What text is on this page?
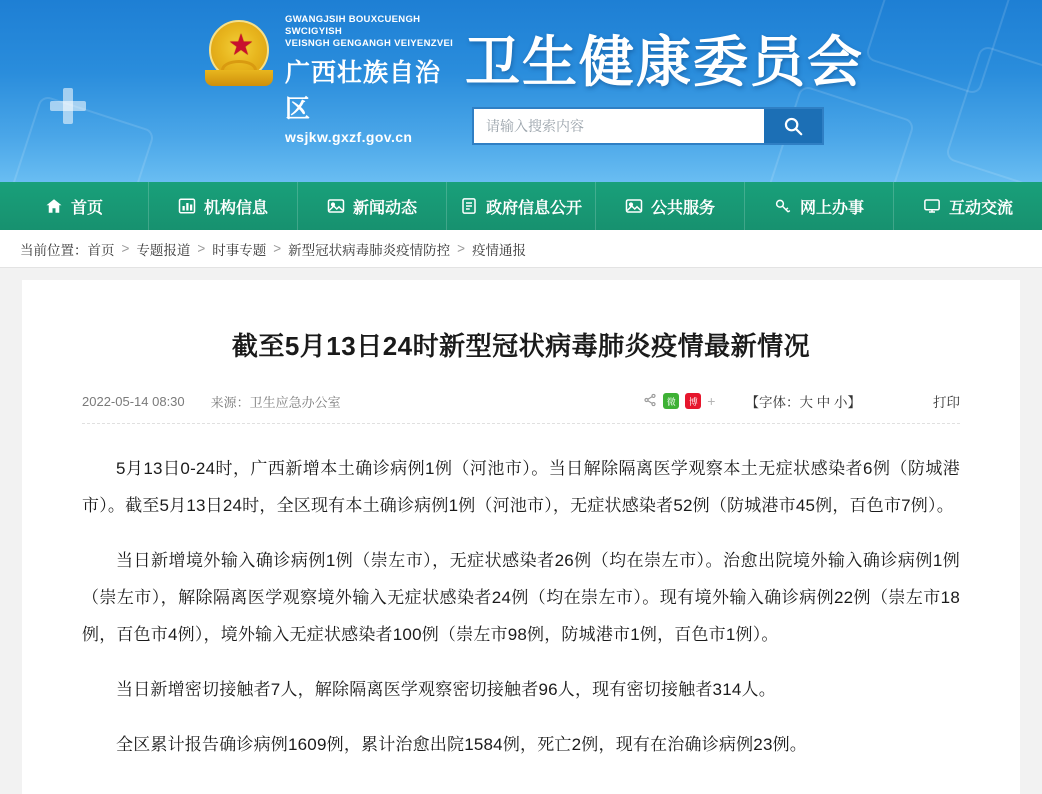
★
GWANGJSIH BOUXCUENGH SWCIGYISH
VEISNGH GENGANGH VEIYENZVEI
广西壮族自治区
wsjkw.gxzf.gov.cn
卫生健康委员会
请输入搜索内容
首页	机构信息	新闻动态	政府信息公开	公共服务	网上办事	互动交流
当前位置： 首页 > 专题报道 > 时事专题 > 新型冠状病毒肺炎疫情防控 > 疫情通报
截至5月13日24时新型冠状病毒肺炎疫情最新情况
2022-05-14 08:30 来源：卫生应急办公室	微	博 + 【字体：大 中 小】	打印

5月13日0-24时，广西新增本土确诊病例1例（河池市）。当日解除隔离医学观察本土无症状感染者6例（防城港市）。截至5月13日24时，全区现有本土确诊病例1例（河池市），无症状感染者52例（防城港市45例，百色市7例）。

当日新增境外输入确诊病例1例（崇左市），无症状感染者26例（均在崇左市）。治愈出院境外输入确诊病例1例（崇左市），解除隔离医学观察境外输入无症状感染者24例（均在崇左市）。现有境外输入确诊病例22例（崇左市18例，百色市4例），境外输入无症状感染者100例（崇左市98例，防城港市1例，百色市1例）。

当日新增密切接触者7人，解除隔离医学观察密切接触者96人，现有密切接触者314人。

全区累计报告确诊病例1609例，累计治愈出院1584例，死亡2例，现有在治确诊病例23例。
